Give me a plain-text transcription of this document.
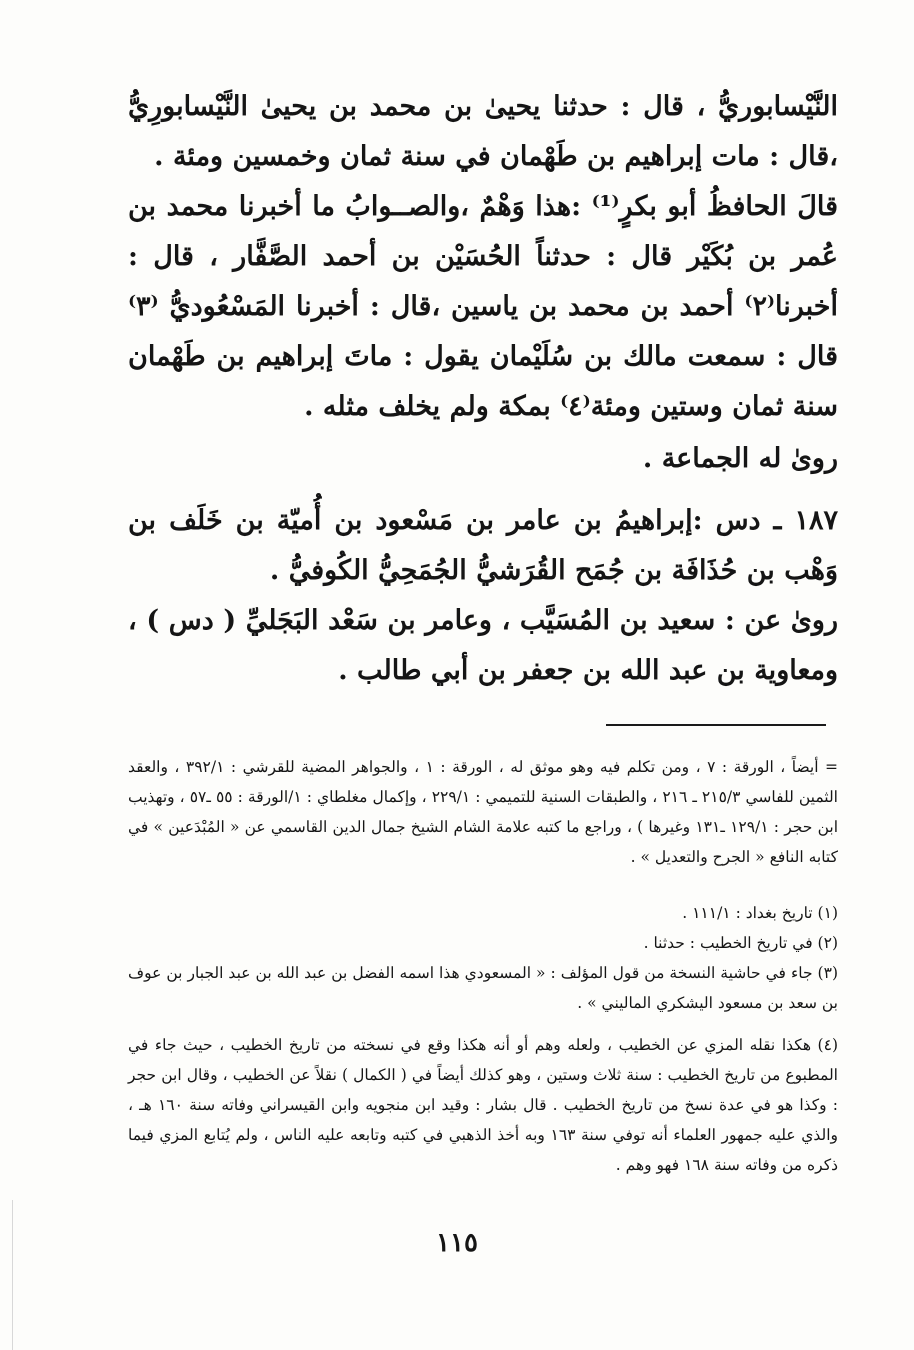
النَّيْسابوريُّ ، قال : حدثنا يحيىٰ بن محمد بن يحيىٰ النَّيْسابورِيُّ ،قال : مات إبراهيم بن طَهْمان في سنة ثمان وخمسين ومئة .

قالَ الحافظُ أبو بكرٍ⁽¹⁾ :هذا وَهْمٌ ،والصــوابُ ما أخبرنا محمد بن عُمر بن بُكَيْر قال : حدثناً الحُسَيْن بن أحمد الصَّفَّار ، قال : أخبرنا⁽٢⁾ أحمد بن محمد بن ياسين ،قال : أخبرنا المَسْعُوديُّ ⁽٣⁾ قال : سمعت مالك بن سُلَيْمان يقول : ماتَ إبراهيم بن طَهْمان سنة ثمان وستين ومئة⁽٤⁾ بمكة ولم يخلف مثله .

روىٰ له الجماعة .

١٨٧ ـ دس :إبراهيمُ بن عامر بن مَسْعود بن أُميّة بن خَلَف بن وَهْب بن حُذَافَة بن جُمَح القُرَشيُّ الجُمَحِيُّ الكُوفيُّ .

روىٰ عن : سعيد بن المُسَيَّب ، وعامر بن سَعْد البَجَليِّ ( دس ) ، ومعاوية بن عبد الله بن جعفر بن أبي طالب .

= أيضاً ، الورقة : ٧ ، ومن تكلم فيه وهو موثق له ، الورقة : ١ ، والجواهر المضية للقرشي : ٣٩٢/١ ، والعقد الثمين للفاسي ٢١٥/٣ ـ ٢١٦ ، والطبقات السنية للتميمي : ٢٢٩/١ ، وإكمال مغلطاي : ١/الورقة : ٥٥ ـ٥٧ ، وتهذيب ابن حجر : ١٢٩/١ ـ١٣١ وغيرها ) ، وراجع ما كتبه علامة الشام الشيخ جمال الدين القاسمي عن « المُبْدَعين » في كتابه النافع « الجرح والتعديل » .

(١) تاريخ بغداد : ١١١/١ .

(٢) في تاريخ الخطيب : حدثنا .

(٣) جاء في حاشية النسخة من قول المؤلف : « المسعودي هذا اسمه الفضل بن عبد الله بن عبد الجبار بن عوف بن سعد بن مسعود اليشكري الماليني » .

(٤) هكذا نقله المزي عن الخطيب ، ولعله وهم أو أنه هكذا وقع في نسخته من تاريخ الخطيب ، حيث جاء في المطبوع من تاريخ الخطيب : سنة ثلاث وستين ، وهو كذلك أيضاً في ( الكمال ) نقلاً عن الخطيب ، وقال ابن حجر : وكذا هو في عدة نسخ من تاريخ الخطيب . قال بشار : وقيد ابن منجويه وابن القيسراني وفاته سنة ١٦٠ هـ ، والذي عليه جمهور العلماء أنه توفي سنة ١٦٣ وبه أخذ الذهبي في كتبه وتابعه عليه الناس ، ولم يُتابع المزي فيما ذكره من وفاته سنة ١٦٨ فهو وهم .

١١٥
